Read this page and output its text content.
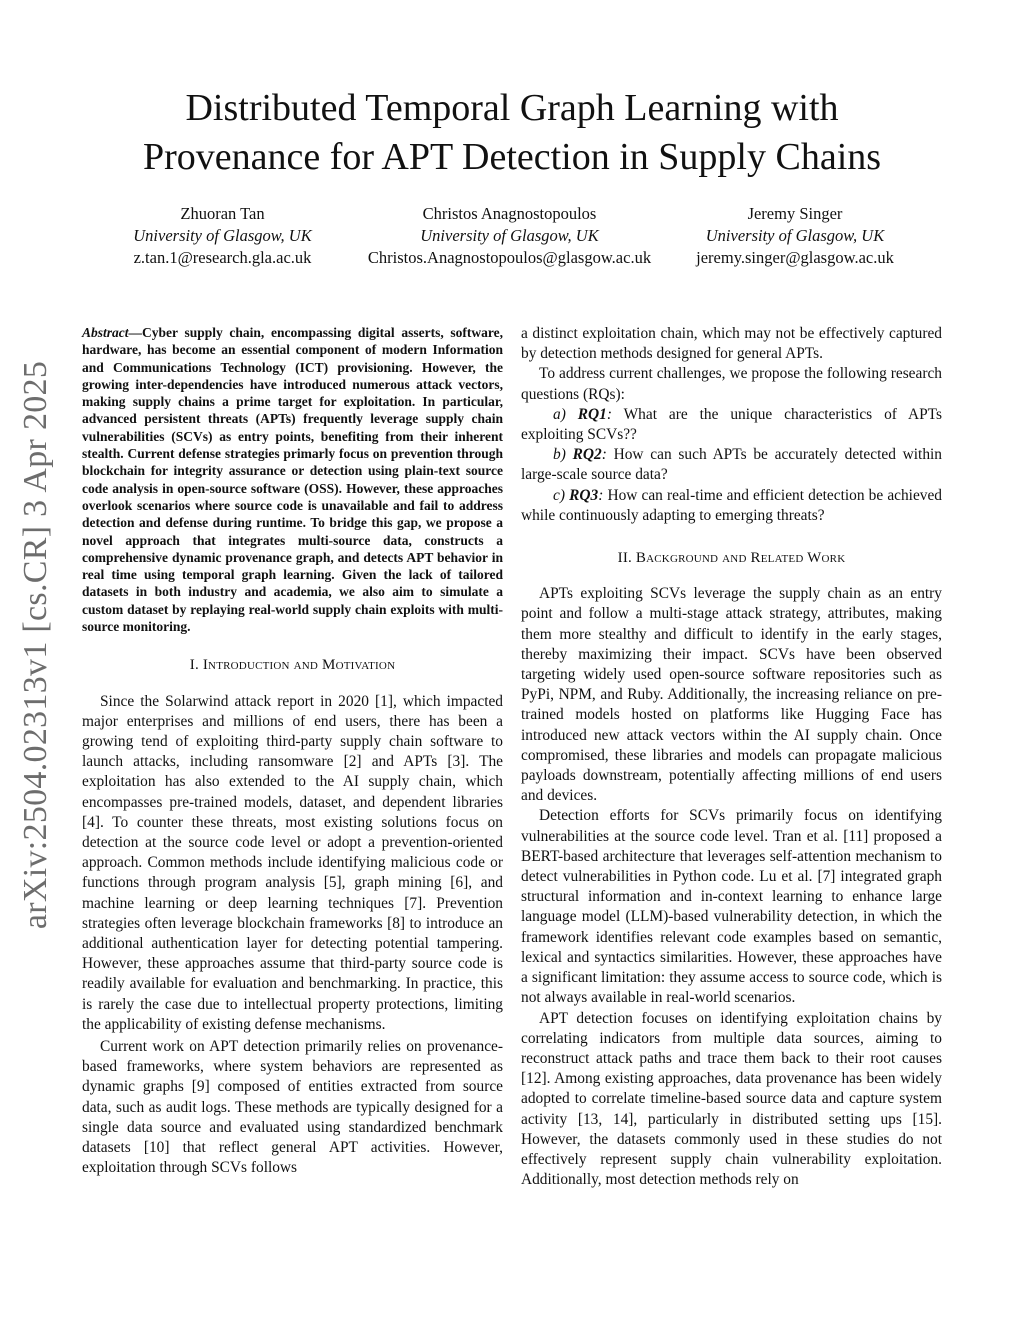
Distributed Temporal Graph Learning with
Provenance for APT Detection in Supply Chains
Zhuoran Tan
University of Glasgow, UK
z.tan.1@research.gla.ac.uk
Christos Anagnostopoulos
University of Glasgow, UK
Christos.Anagnostopoulos@glasgow.ac.uk
Jeremy Singer
University of Glasgow, UK
jeremy.singer@glasgow.ac.uk
arXiv:2504.02313v1 [cs.CR] 3 Apr 2025

Abstract—Cyber supply chain, encompassing digital asserts, software, hardware, has become an essential component of modern Information and Communications Technology (ICT) provisioning. However, the growing inter-dependencies have introduced numerous attack vectors, making supply chains a prime target for exploitation. In particular, advanced persistent threats (APTs) frequently leverage supply chain vulnerabilities (SCVs) as entry points, benefiting from their inherent stealth. Current defense strategies primarly focus on prevention through blockchain for integrity assurance or detection using plain-text source code analysis in open-source software (OSS). However, these approaches overlook scenarios where source code is unavailable and fail to address detection and defense during runtime. To bridge this gap, we propose a novel approach that integrates multi-source data, constructs a comprehensive dynamic provenance graph, and detects APT behavior in real time using temporal graph learning. Given the lack of tailored datasets in both industry and academia, we also aim to simulate a custom dataset by replaying real-world supply chain exploits with multi-source monitoring.

I. Introduction and Motivation

Since the Solarwind attack report in 2020 [1], which impacted major enterprises and millions of end users, there has been a growing tend of exploiting third-party supply chain software to launch attacks, including ransomware [2] and APTs [3]. The exploitation has also extended to the AI supply chain, which encompasses pre-trained models, dataset, and dependent libraries [4]. To counter these threats, most existing solutions focus on detection at the source code level or adopt a prevention-oriented approach. Common methods include identifying malicious code or functions through program analysis [5], graph mining [6], and machine learning or deep learning techniques [7]. Prevention strategies often leverage blockchain frameworks [8] to introduce an additional authentication layer for detecting potential tampering. However, these approaches assume that third-party source code is readily available for evaluation and benchmarking. In practice, this is rarely the case due to intellectual property protections, limiting the applicability of existing defense mechanisms.

Current work on APT detection primarily relies on provenance-based frameworks, where system behaviors are represented as dynamic graphs [9] composed of entities extracted from source data, such as audit logs. These methods are typically designed for a single data source and evaluated using standardized benchmark datasets [10] that reflect general APT activities. However, exploitation through SCVs follows

a distinct exploitation chain, which may not be effectively captured by detection methods designed for general APTs.

To address current challenges, we propose the following research questions (RQs):

a) RQ1: What are the unique characteristics of APTs exploiting SCVs??

b) RQ2: How can such APTs be accurately detected within large-scale source data?

c) RQ3: How can real-time and efficient detection be achieved while continuously adapting to emerging threats?

II. Background and Related Work

APTs exploiting SCVs leverage the supply chain as an entry point and follow a multi-stage attack strategy, attributes, making them more stealthy and difficult to identify in the early stages, thereby maximizing their impact. SCVs have been observed targeting widely used open-source software repositories such as PyPi, NPM, and Ruby. Additionally, the increasing reliance on pre-trained models hosted on platforms like Hugging Face has introduced new attack vectors within the AI supply chain. Once compromised, these libraries and models can propagate malicious payloads downstream, potentially affecting millions of end users and devices.

Detection efforts for SCVs primarily focus on identifying vulnerabilities at the source code level. Tran et al. [11] proposed a BERT-based architecture that leverages self-attention mechanism to detect vulnerabilities in Python code. Lu et al. [7] integrated graph structural information and in-context learning to enhance large language model (LLM)-based vulnerability detection, in which the framework identifies relevant code examples based on semantic, lexical and syntactics similarities. However, these approaches have a significant limitation: they assume access to source code, which is not always available in real-world scenarios.

APT detection focuses on identifying exploitation chains by correlating indicators from multiple data sources, aiming to reconstruct attack paths and trace them back to their root causes [12]. Among existing approaches, data provenance has been widely adopted to correlate timeline-based source data and capture system activity [13, 14], particularly in distributed setting ups [15]. However, the datasets commonly used in these studies do not effectively represent supply chain vulnerability exploitation. Additionally, most detection methods rely on
